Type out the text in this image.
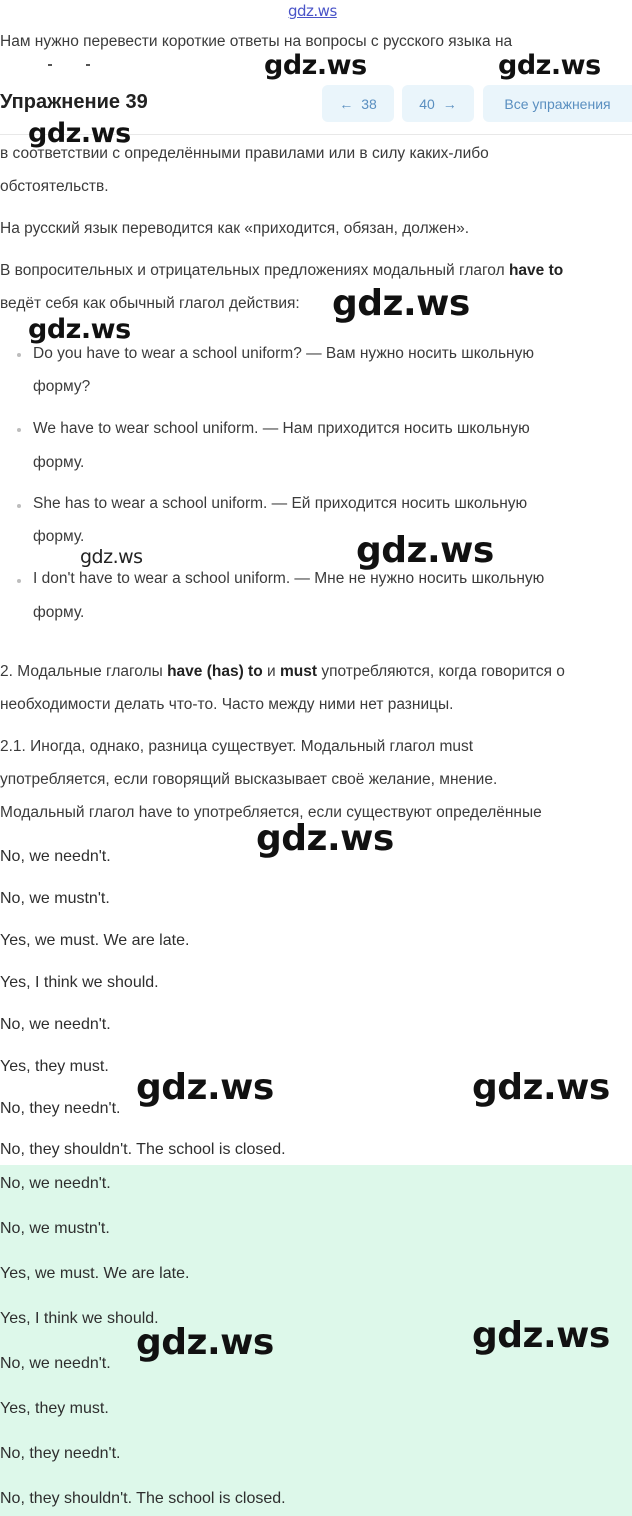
gdz.ws
Нам нужно перевести короткие ответы на вопросы с русского языка на
Упражнение 39	← 38	40 →	Все упражнения
в соответствии с определёнными правилами или в силу каких-либо
обстоятельств.
На русский язык переводится как «приходится, обязан, должен».
В вопросительных и отрицательных предложениях модальный глагол have to
ведёт себя как обычный глагол действия:
Do you have to wear a school uniform? — Вам нужно носить школьную
форму?
We have to wear school uniform. — Нам приходится носить школьную
форму.
She has to wear a school uniform. — Ей приходится носить школьную
форму.
I don't have to wear a school uniform. — Мне не нужно носить школьную
форму.
2. Модальные глаголы have (has) to и must употребляются, когда говорится о
необходимости делать что-то. Часто между ними нет разницы.
2.1. Иногда, однако, разница существует. Модальный глагол must
употребляется, если говорящий высказывает своё желание, мнение.
Модальный глагол have to употребляется, если существуют определённые
No, we needn't.
No, we mustn't.
Yes, we must. We are late.
Yes, I think we should.
No, we needn't.
Yes, they must.
No, they needn't.
No, they shouldn't. The school is closed.
No, we needn't.
No, we mustn't.
Yes, we must. We are late.
Yes, I think we should.
No, we needn't.
Yes, they must.
No, they needn't.
No, they shouldn't. The school is closed.
gdz.ws	gdz.ws
gdz.ws
gdz.ws
gdz.ws
gdz.ws	gdz.ws
gdz.ws
gdz.ws	gdz.ws
gdz.ws	gdz.ws
